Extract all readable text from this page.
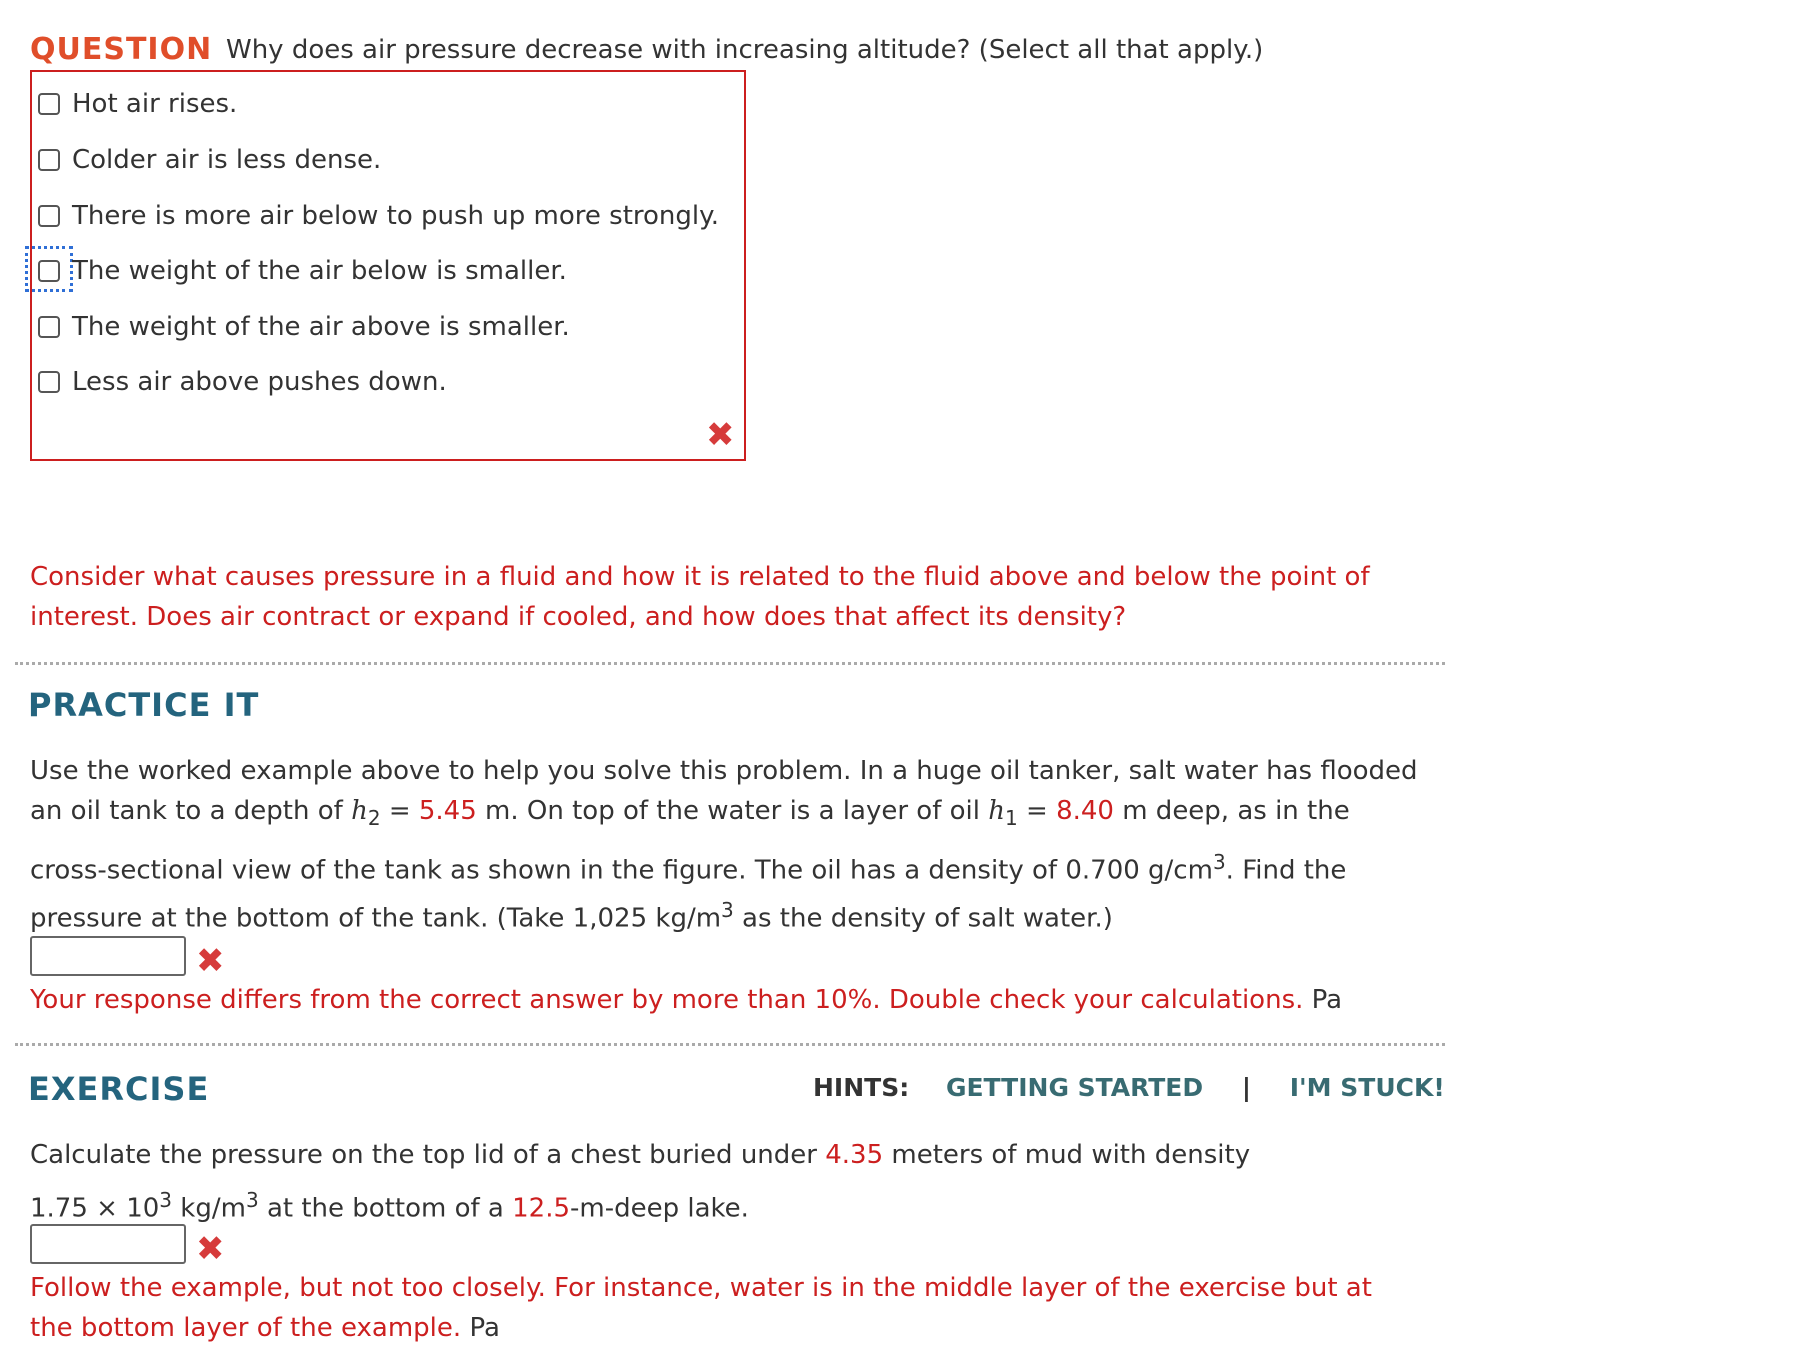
QUESTION Why does air pressure decrease with increasing altitude? (Select all that apply.)
Hot air rises.
Colder air is less dense.
There is more air below to push up more strongly.
The weight of the air below is smaller.
The weight of the air above is smaller.
Less air above pushes down.
✖
Consider what causes pressure in a fluid and how it is related to the fluid above and below the point of interest. Does air contract or expand if cooled, and how does that affect its density?
PRACTICE IT
Use the worked example above to help you solve this problem. In a huge oil tanker, salt water has flooded
an oil tank to a depth of $h_2 = 5.45$ m. On top of the water is a layer of oil $h_1 = 8.40$ m deep, as in the
cross-sectional view of the tank as shown in the figure. The oil has a density of 0.700 $g/cm^3$. Find the
pressure at the bottom of the tank. (Take 1,025 $kg/m^3$ as the density of salt water.)
✖
Your response differs from the correct answer by more than 10%. Double check your calculations. Pa
EXERCISE	HINTS: GETTING STARTED | I'M STUCK!
Calculate the pressure on the top lid of a chest buried under 4.35 meters of mud with density
$1.75 \times 10^3$ $kg/m^3$ at the bottom of a 12.5-m-deep lake.
✖
Follow the example, but not too closely. For instance, water is in the middle layer of the exercise but at
the bottom layer of the example. Pa
